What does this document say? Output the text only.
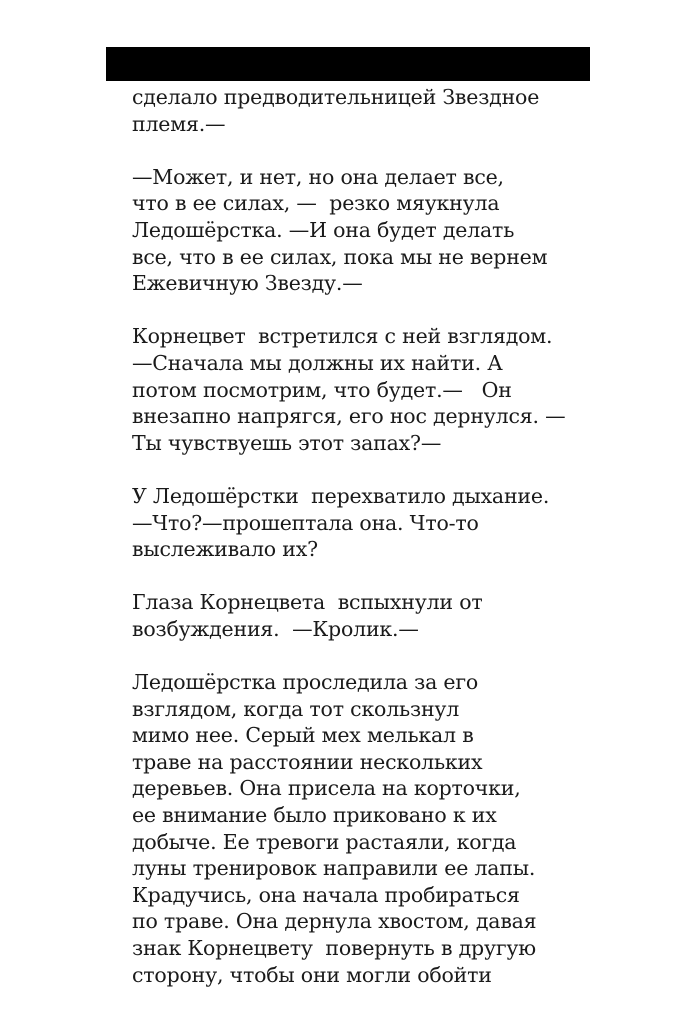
сделало предводительницей Звездное
племя.—

—Может, и нет, но она делает все,
что в ее силах, —  резко мяукнула
Ледошёрстка. —И она будет делать
все, что в ее силах, пока мы не вернем
Ежевичную Звезду.—

Корнецвет  встретился с ней взглядом.
—Сначала мы должны их найти. А
потом посмотрим, что будет.—   Он
внезапно напрягся, его нос дернулся. —
Ты чувствуешь этот запах?—

У Ледошёрстки  перехватило дыхание.
—Что?—прошептала она. Что-то
выслеживало их?

Глаза Корнецвета  вспыхнули от
возбуждения.  —Кролик.—

Ледошёрстка проследила за его
взглядом, когда тот скользнул
мимо нее. Серый мех мелькал в
траве на расстоянии нескольких
деревьев. Она присела на корточки,
ее внимание было приковано к их
добыче. Ее тревоги растаяли, когда
луны тренировок направили ее лапы.
Крадучись, она начала пробираться
по траве. Она дернула хвостом, давая
знак Корнецвету  повернуть в другую
сторону, чтобы они могли обойти
